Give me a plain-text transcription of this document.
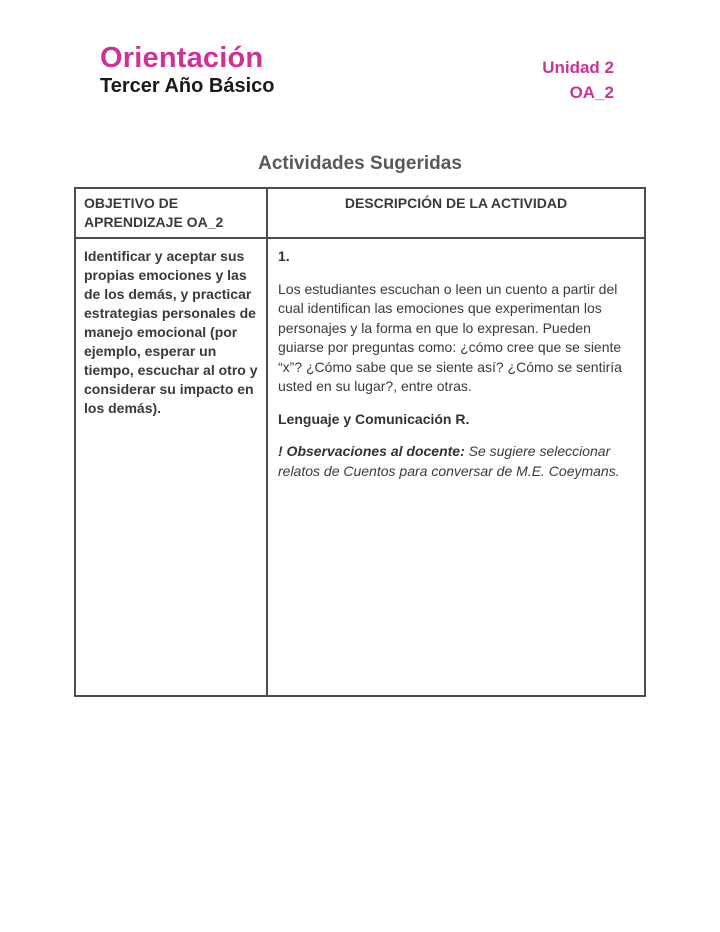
Orientación
Tercer Año Básico
Unidad 2
OA_2
Actividades Sugeridas
OBJETIVO DE APRENDIZAJE OA_2	DESCRIPCIÓN DE LA ACTIVIDAD
Identificar y aceptar sus propias emociones y las de los demás, y practicar estrategias personales de manejo emocional (por ejemplo, esperar un tiempo, escuchar al otro y considerar su impacto en los demás).	

1.

Los estudiantes escuchan o leen un cuento a partir del cual identifican las emociones que experimentan los personajes y la forma en que lo expresan. Pueden guiarse por preguntas como: ¿cómo cree que se siente “x”? ¿Cómo sabe que se siente así? ¿Cómo se sentiría usted en su lugar?, entre otras.

Lenguaje y Comunicación R.

! Observaciones al docente: Se sugiere seleccionar relatos de Cuentos para conversar de M.E. Coeymans.
